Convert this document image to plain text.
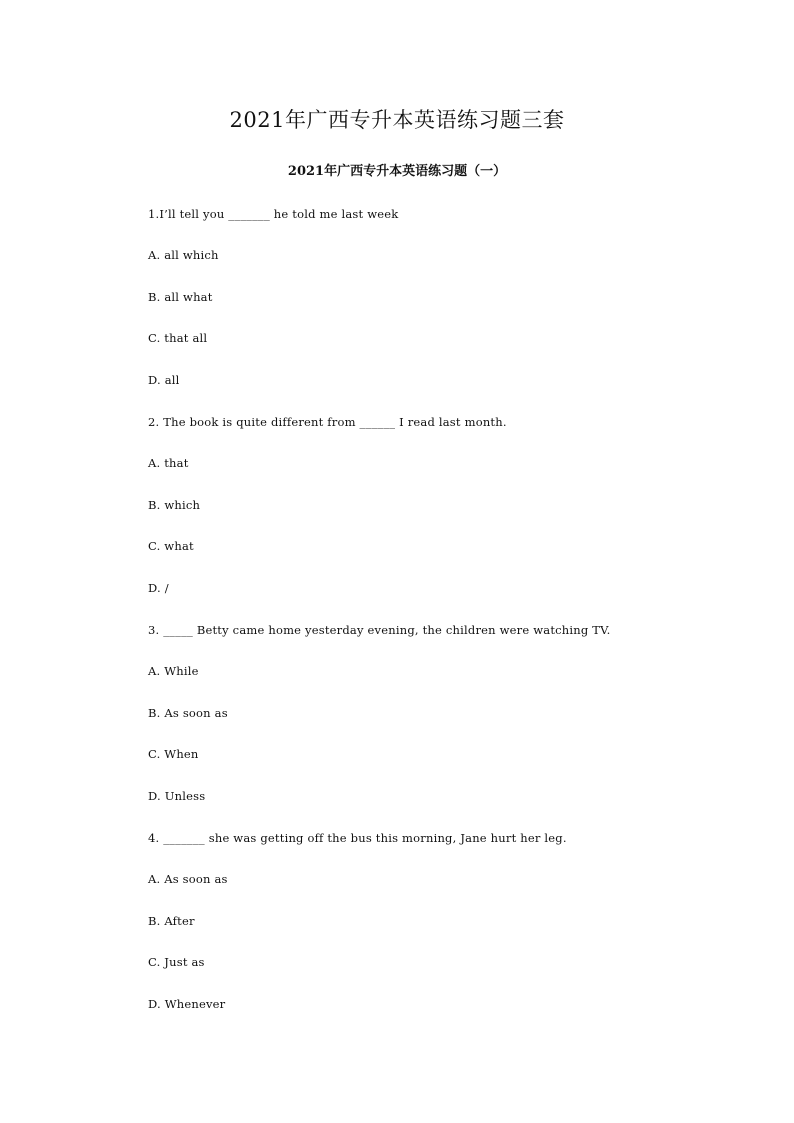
2021年广西专升本英语练习题三套
2021年广西专升本英语练习题（一）
1.I’ll tell you _______ he told me last week
A. all which
B. all what
C. that all
D. all
2. The book is quite different from ______ I read last month.
A. that
B. which
C. what
D. /
3. _____ Betty came home yesterday evening, the children were watching TV.
A. While
B. As soon as
C. When
D. Unless
4. _______ she was getting off the bus this morning, Jane hurt her leg.
A. As soon as
B. After
C. Just as
D. Whenever
